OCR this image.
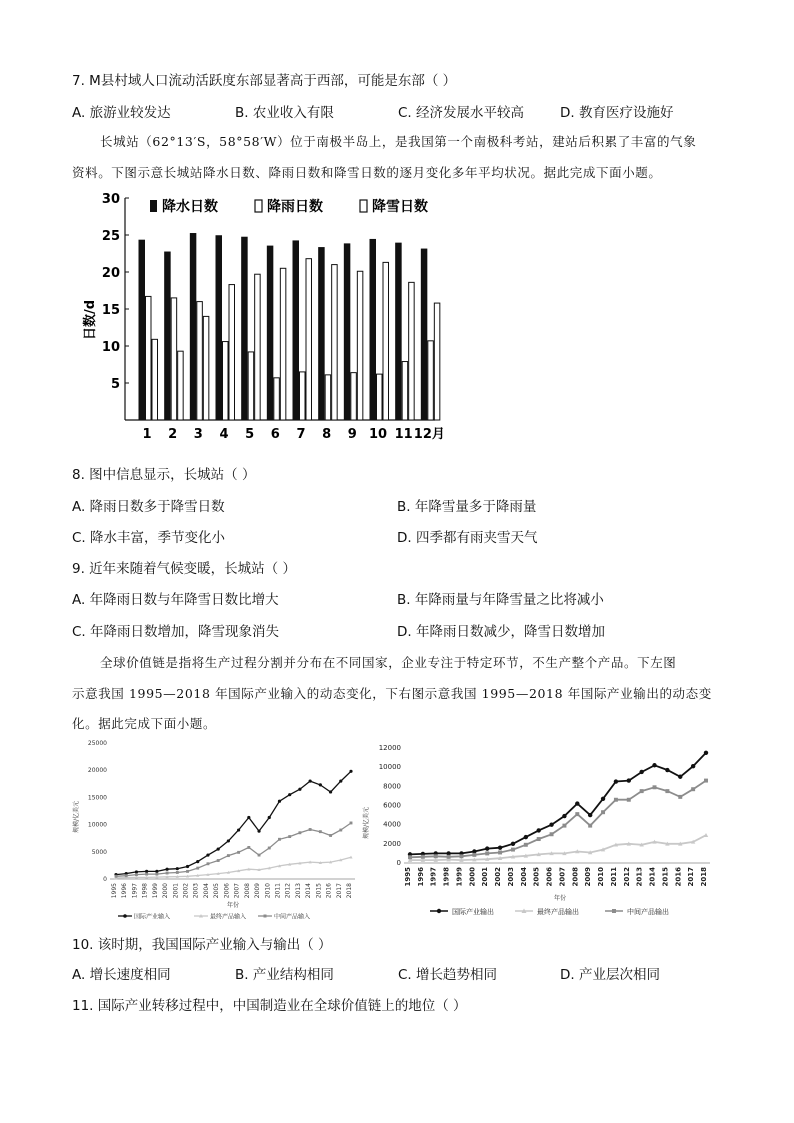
7. M县村域人口流动活跃度东部显著高于西部，可能是东部（ ）
A. 旅游业较发达	B. 农业收入有限	C. 经济发展水平较高	D. 教育医疗设施好
长城站（62°13′S，58°58′W）位于南极半岛上，是我国第一个南极科考站，建站后积累了丰富的气象
资料。下图示意长城站降水日数、降雨日数和降雪日数的逐月变化多年平均状况。据此完成下面小题。
5
10
15
20
25
30
1 2 3 4 5 6 7 8 9 10 11 12月
降水日数	降雨日数	降雪日数
日数/d
8. 图中信息显示，长城站（ ）
A. 降雨日数多于降雪日数	B. 年降雪量多于降雨量
C. 降水丰富，季节变化小	D. 四季都有雨夹雪天气
9. 近年来随着气候变暖，长城站（ ）
A. 年降雨日数与年降雪日数比增大	B. 年降雨量与年降雪量之比将减小
C. 年降雨日数增加，降雪现象消失	D. 年降雨日数减少，降雪日数增加
全球价值链是指将生产过程分割并分布在不同国家，企业专注于特定环节，不生产整个产品。下左图
示意我国 1995—2018 年国际产业输入的动态变化，下右图示意我国 1995—2018 年国际产业输出的动态变
化。据此完成下面小题。
0
5000
10000
15000
20000
25000
1995 1996 1997 1998 1999 2000 2001 2002 2003 2004 2005 2006 2007 2008 2009 2010 2011 2012 2013 2014 2015 2016 2017 2018
规模/亿美元
年份
国际产业输入	最终产品输入	中间产品输入
0
2000
4000
6000
8000
10000
12000
1995 1996 1997 1998 1999 2000 2001 2002 2003 2004 2005 2006 2007 2008 2009 2010 2011 2012 2013 2014 2015 2016 2017 2018
规模/亿美元
年份
国际产业输出	最终产品输出	中间产品输出
10. 该时期，我国国际产业输入与输出（ ）
A. 增长速度相同	B. 产业结构相同	C. 增长趋势相同	D. 产业层次相同
11. 国际产业转移过程中，中国制造业在全球价值链上的地位（ ）
